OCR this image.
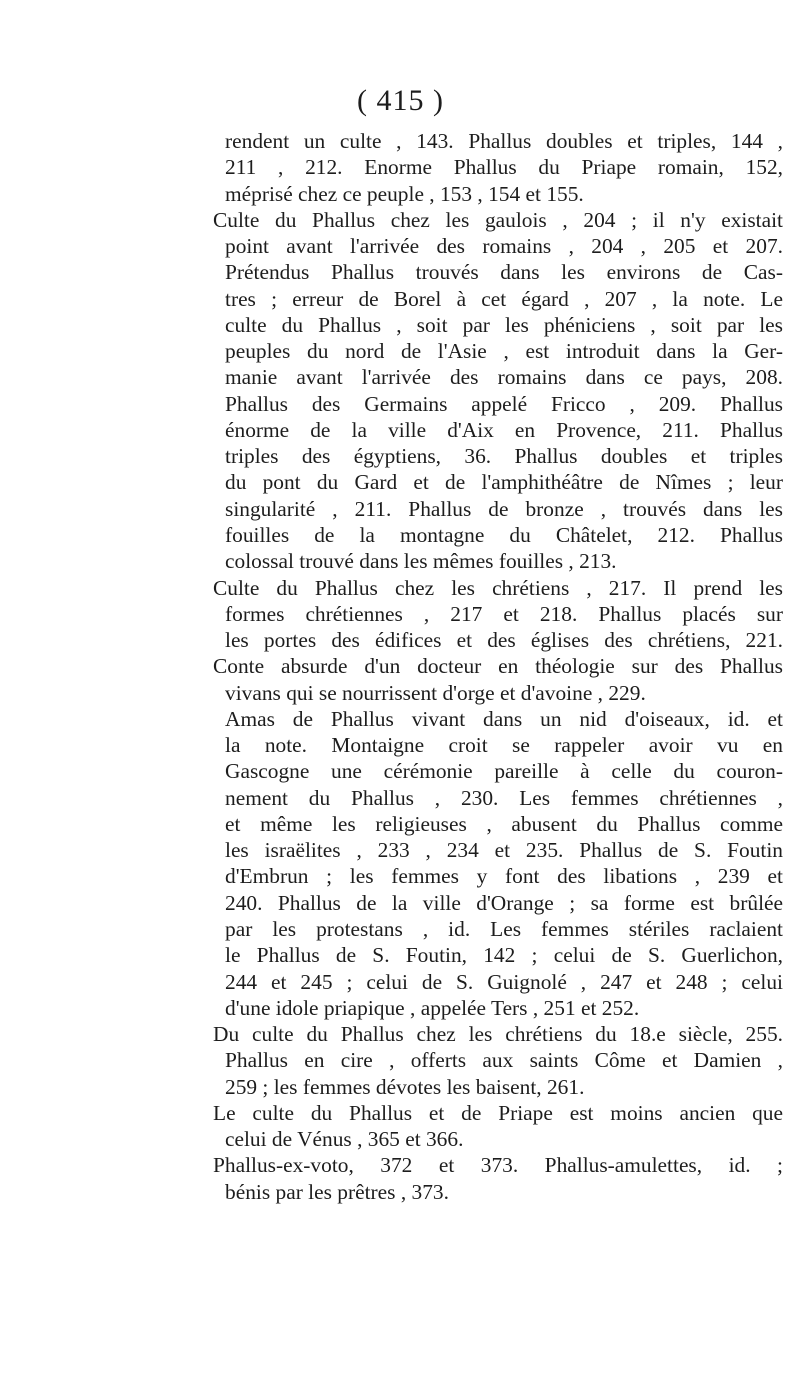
( 415 )
rendent un culte , 143. Phallus doubles et triples, 144 ,
211 , 212. Enorme Phallus du Priape romain, 152,
méprisé chez ce peuple , 153 , 154 et 155.
Culte du Phallus chez les gaulois , 204 ; il n'y existait
point avant l'arrivée des romains , 204 , 205 et 207.
Prétendus Phallus trouvés dans les environs de Cas-
tres ; erreur de Borel à cet égard , 207 , la note. Le
culte du Phallus , soit par les phéniciens , soit par les
peuples du nord de l'Asie , est introduit dans la Ger-
manie avant l'arrivée des romains dans ce pays, 208.
Phallus des Germains appelé Fricco , 209. Phallus
énorme de la ville d'Aix en Provence, 211. Phallus
triples des égyptiens, 36. Phallus doubles et triples
du pont du Gard et de l'amphithéâtre de Nîmes ; leur
singularité , 211. Phallus de bronze , trouvés dans les
fouilles de la montagne du Châtelet, 212. Phallus
colossal trouvé dans les mêmes fouilles , 213.
Culte du Phallus chez les chrétiens , 217. Il prend les
formes chrétiennes , 217 et 218. Phallus placés sur
les portes des édifices et des églises des chrétiens, 221.
Conte absurde d'un docteur en théologie sur des Phallus
vivans qui se nourrissent d'orge et d'avoine , 229.
Amas de Phallus vivant dans un nid d'oiseaux, id. et
la note. Montaigne croit se rappeler avoir vu en
Gascogne une cérémonie pareille à celle du couron-
nement du Phallus , 230. Les femmes chrétiennes ,
et même les religieuses , abusent du Phallus comme
les israëlites , 233 , 234 et 235. Phallus de S. Foutin
d'Embrun ; les femmes y font des libations , 239 et
240. Phallus de la ville d'Orange ; sa forme est brûlée
par les protestans , id. Les femmes stériles raclaient
le Phallus de S. Foutin, 142 ; celui de S. Guerlichon,
244 et 245 ; celui de S. Guignolé , 247 et 248 ; celui
d'une idole priapique , appelée Ters , 251 et 252.
Du culte du Phallus chez les chrétiens du 18.e siècle, 255.
Phallus en cire , offerts aux saints Côme et Damien ,
259 ; les femmes dévotes les baisent, 261.
Le culte du Phallus et de Priape est moins ancien que
celui de Vénus , 365 et 366.
Phallus-ex-voto, 372 et 373. Phallus-amulettes, id. ;
bénis par les prêtres , 373.
